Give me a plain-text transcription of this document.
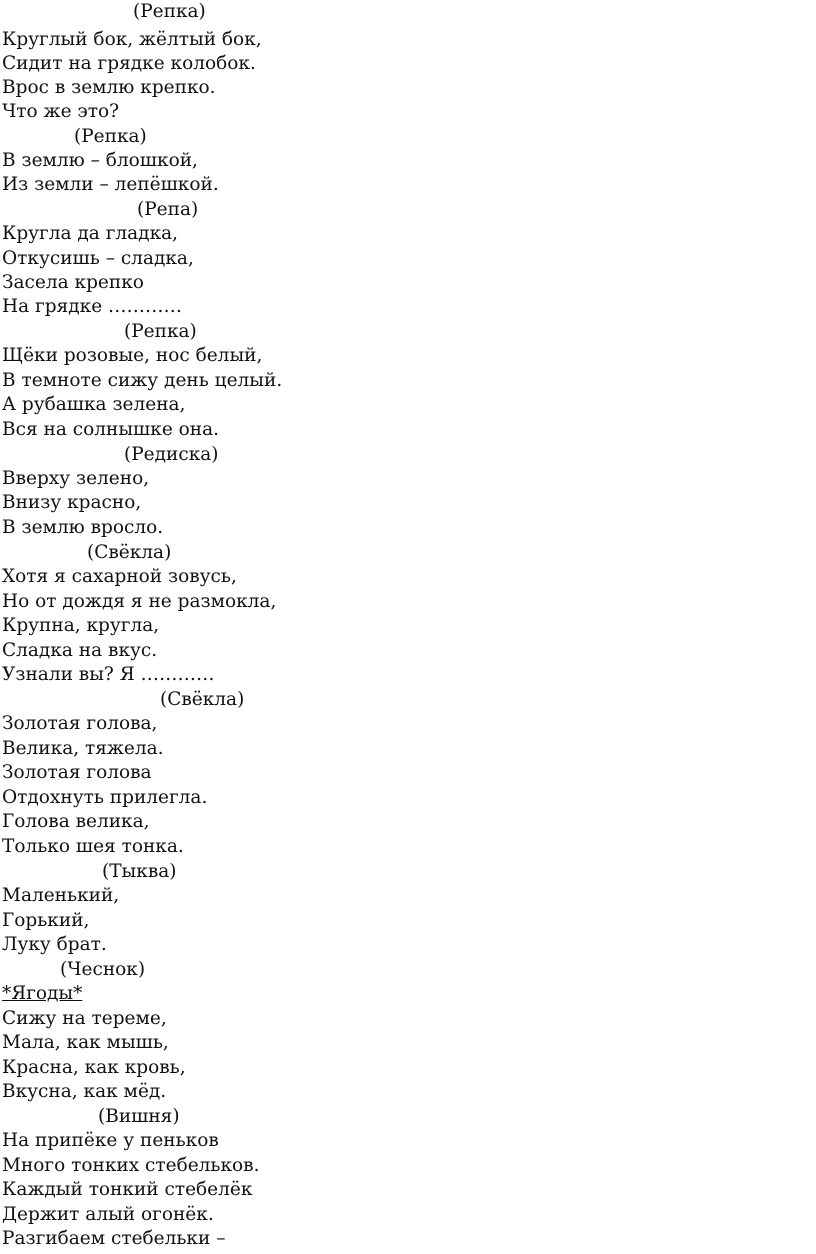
(Репка)
Круглый бок, жёлтый бок,
Сидит на грядке колобок.
Врос в землю крепко.
Что же это?
(Репка)
В землю – блошкой,
Из земли – лепёшкой.
(Репа)
Кругла да гладка,
Откусишь – сладка,
Засела крепко
На грядке …………
(Репка)
Щёки розовые, нос белый,
В темноте сижу день целый.
А рубашка зелена,
Вся на солнышке она.
(Редиска)
Вверху зелено,
Внизу красно,
В землю вросло.
(Свёкла)
Хотя я сахарной зовусь,
Но от дождя я не размокла,
Крупна, кругла,
Сладка на вкус.
Узнали вы? Я …………
(Свёкла)
Золотая голова,
Велика, тяжела.
Золотая голова
Отдохнуть прилегла.
Голова велика,
Только шея тонка.
(Тыква)
Маленький,
Горький,
Луку брат.
(Чеснок)
*Ягоды*
Сижу на тереме,
Мала, как мышь,
Красна, как кровь,
Вкусна, как мёд.
(Вишня)
На припёке у пеньков
Много тонких стебельков.
Каждый тонкий стебелёк
Держит алый огонёк.
Разгибаем стебельки –
